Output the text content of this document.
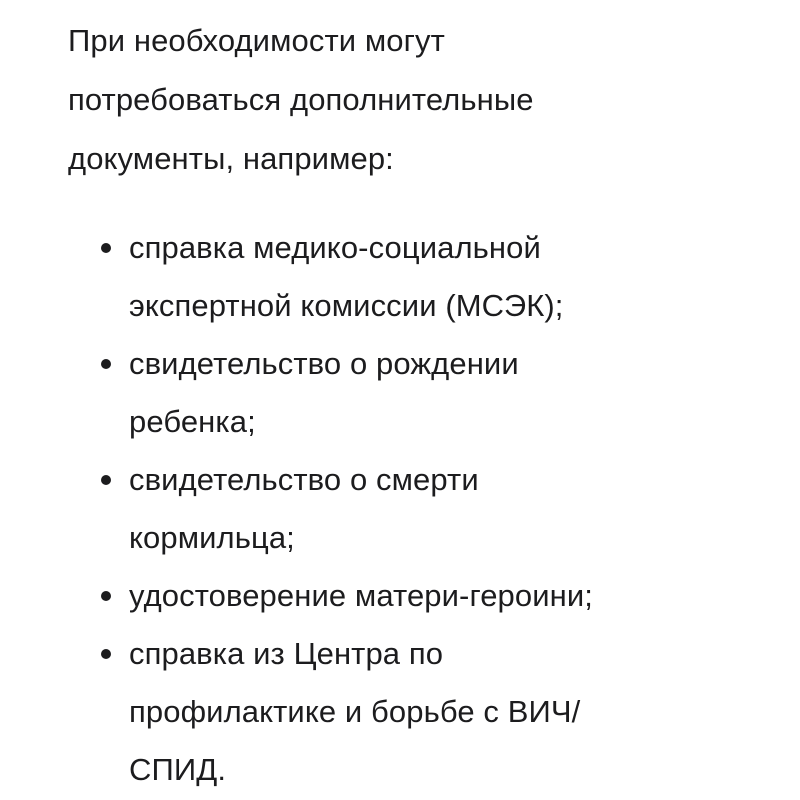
При необходимости могут потребоваться дополнительные документы, например:

справка медико-социальной экспертной комиссии (МСЭК);
свидетельство о рождении ребенка;
свидетельство о смерти кормильца;
удостоверение матери-героини;
справка из Центра по профилактике и борьбе с ВИЧ/ СПИД.
